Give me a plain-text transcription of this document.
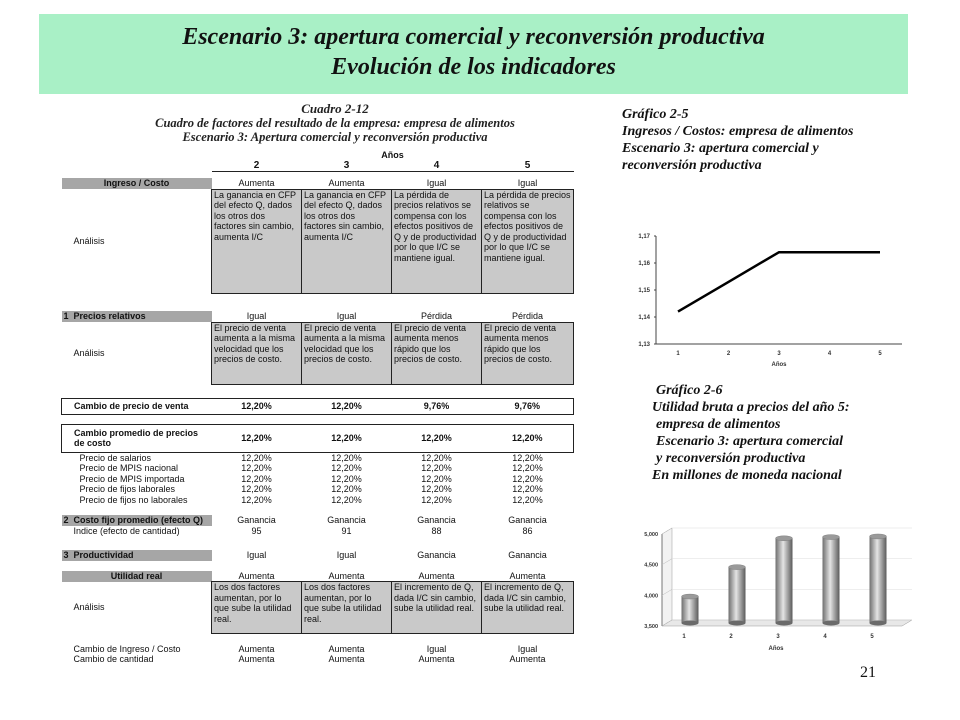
Escenario 3: apertura comercial y reconversión productiva
Evolución de los indicadores
Cuadro 2-12
Cuadro de factores del resultado de la empresa: empresa de alimentos
Escenario 3: Apertura comercial y reconversión productiva
	Años			
	2	3	4	5

Ingreso / Costo	Aumenta	Aumenta	Igual	Igual
Análisis	La ganancia en CFP del efecto Q, dados los otros dos factores sin cambio, aumenta I/C	La ganancia en CFP del efecto Q, dados los otros dos factores sin cambio, aumenta I/C	La pérdida de precios relativos se compensa con los efectos positivos de Q y de productividad por lo que I/C se mantiene igual.	La pérdida de precios relativos se compensa con los efectos positivos de Q y de productividad por lo que I/C se mantiene igual.

1 Precios relativos	Igual	Igual	Pérdida	Pérdida
Análisis	El precio de venta aumenta a la misma velocidad que los precios de costo.	El precio de venta aumenta a la misma velocidad que los precios de costo.	El precio de venta aumenta menos rápido que los precios de costo.	El precio de venta aumenta menos rápido que los precios de costo.

Cambio de precio de venta	12,20%	12,20%	9,76%	9,76%

Cambio promedio de precios de costo	12,20%	12,20%	12,20%	12,20%
Precio de salarios	12,20%	12,20%	12,20%	12,20%
Precio de MPIS nacional	12,20%	12,20%	12,20%	12,20%
Precio de MPIS importada	12,20%	12,20%	12,20%	12,20%
Precio de fijos laborales	12,20%	12,20%	12,20%	12,20%
Precio de fijos no laborales	12,20%	12,20%	12,20%	12,20%

2 Costo fijo promedio (efecto Q)	Ganancia	Ganancia	Ganancia	Ganancia
Indice (efecto de cantidad)	95	91	88	86

3 Productividad	Igual	Igual	Ganancia	Ganancia

Utilidad real	Aumenta	Aumenta	Aumenta	Aumenta
Análisis	Los dos factores aumentan, por lo que sube la utilidad real.	Los dos factores aumentan, por lo que sube la utilidad real.	El incremento de Q, dada I/C sin cambio, sube la utilidad real.	El incremento de Q, dada I/C sin cambio, sube la utilidad real.

Cambio de Ingreso / Costo	Aumenta	Aumenta	Igual	Igual
Cambio de cantidad	Aumenta	Aumenta	Aumenta	Aumenta
Gráfico 2-5
Ingresos / Costos: empresa de alimentos
Escenario 3: apertura comercial y
reconversión productiva
1,13
1,14
1,15
1,16
1,17
1	2	3	4	5
Años
Gráfico 2-6
Utilidad bruta a precios del año 5:
empresa de alimentos
Escenario 3: apertura comercial
y reconversión productiva
En millones de moneda nacional
3,500
4,000
4,500
5,000
1	2	3	4	5
Años
21
